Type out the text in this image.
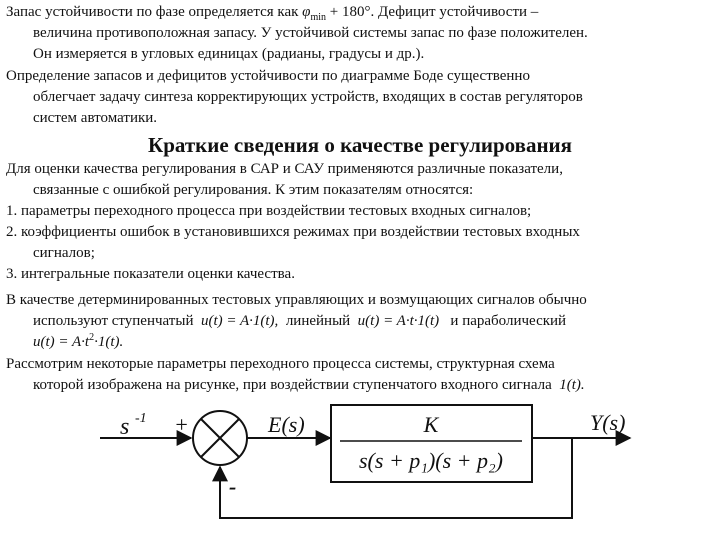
Запас устойчивости по фазе определяется как $\varphi_{min} + 180^\circ$. Дефицит устойчивости –
величина противоположная запасу. У устойчивой системы запас по фазе положителен.
Он измеряется в угловых единицах (радианы, градусы и др.).
Определение запасов и дефицитов устойчивости по диаграмме Боде существенно
облегчает задачу синтеза корректирующих устройств, входящих в состав регуляторов
систем автоматики.
Краткие сведения о качестве регулирования
Для оценки качества регулирования в САР и САУ применяются различные показатели,
связанные с ошибкой регулирования. К этим показателям относятся:
1. параметры переходного процесса при воздействии тестовых входных сигналов;
2. коэффициенты ошибок в установившихся режимах при воздействии тестовых входных
сигналов;
3. интегральные показатели оценки качества.
В качестве детерминированных тестовых управляющих и возмущающих сигналов обычно
используют ступенчатый u(t) = A·1(t), линейный u(t) = A·t·1(t) и параболический
$u(t) = A\cdot t^2\cdot 1(t)$.
Рассмотрим некоторые параметры переходного процесса системы, структурная схема
которой изображена на рисунке, при воздействии ступенчатого входного сигнала 1(t).
s -1 +	E(s)	K
s(s + p₁)(s + p₂)
Y(s)
-
